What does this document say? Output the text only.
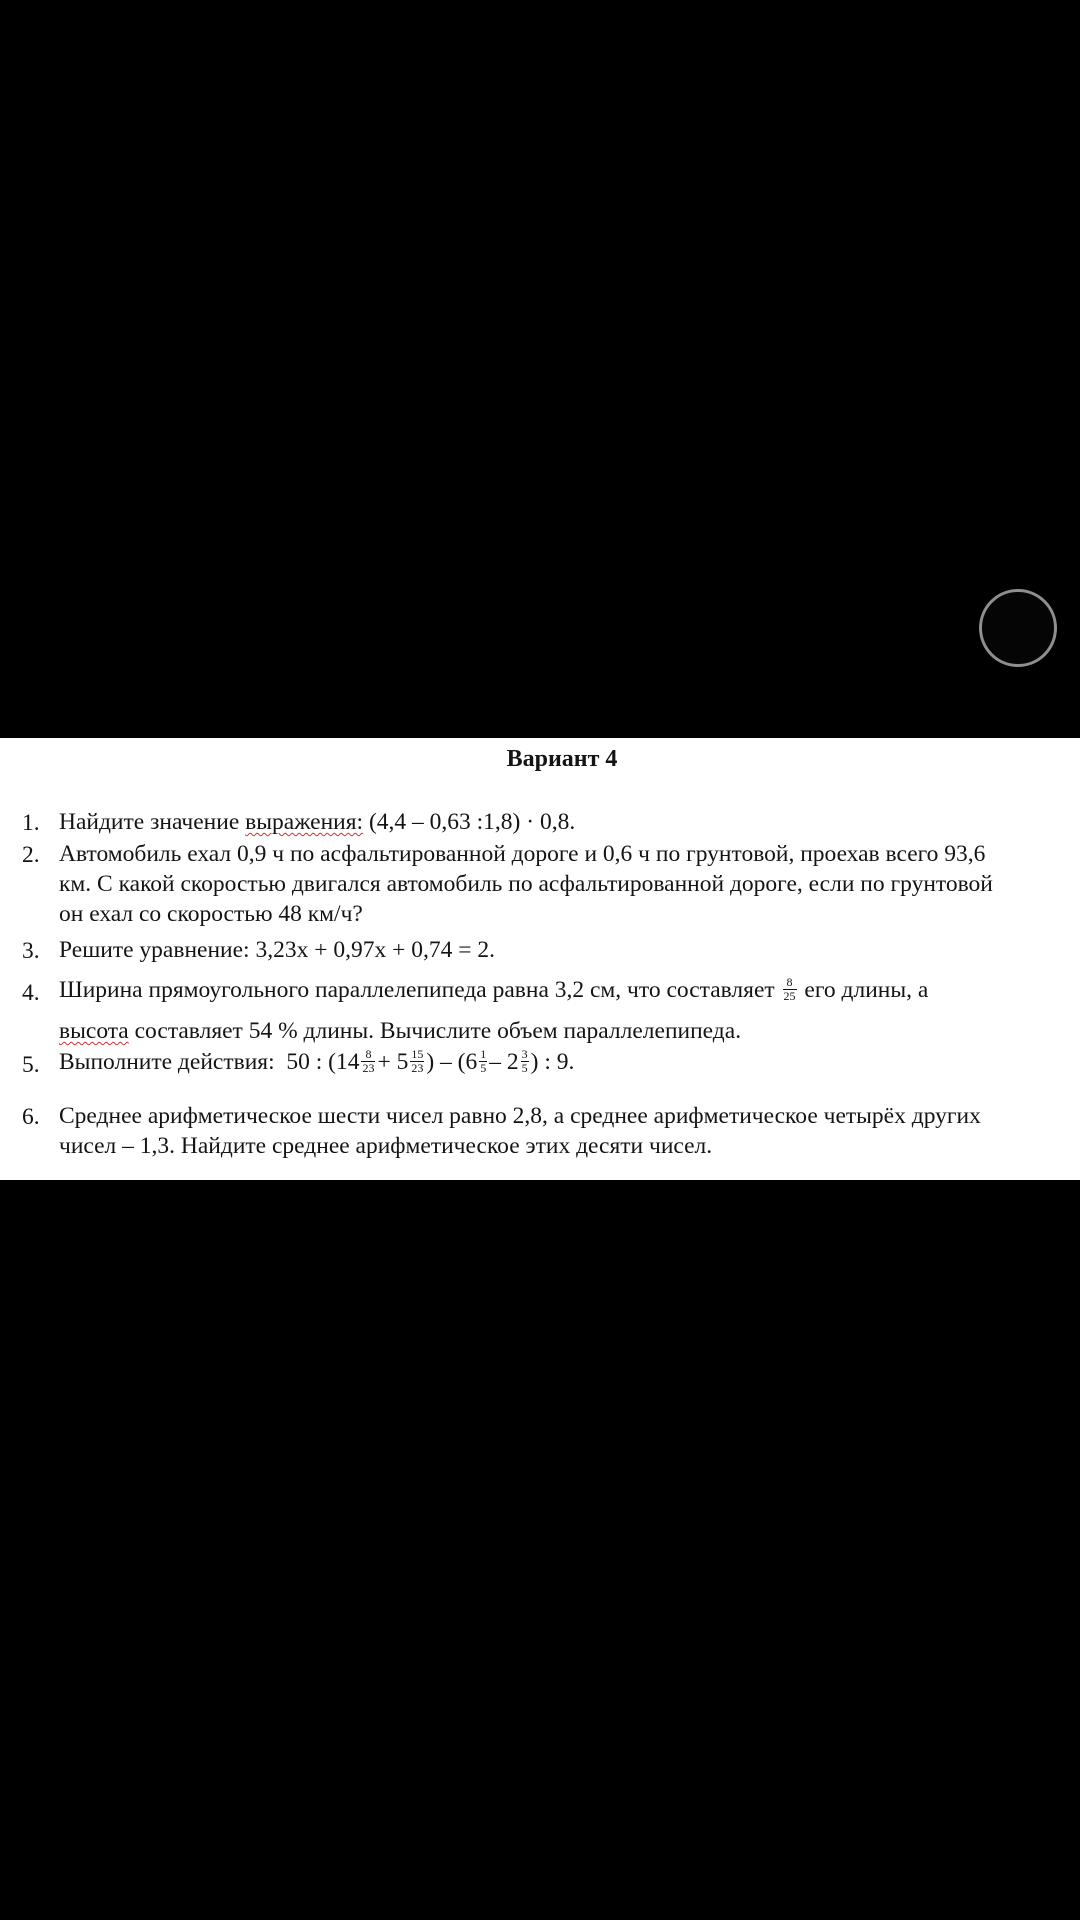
Вариант 4
1. Найдите значение выражения: (4,4 – 0,63 :1,8) · 0,8.
2. Автомобиль ехал 0,9 ч по асфальтированной дороге и 0,6 ч по грунтовой, проехав всего 93,6
км. С какой скоростью двигался автомобиль по асфальтированной дороге, если по грунтовой
он ехал со скоростью 48 км/ч?
3. Решите уравнение: 3,23x + 0,97x + 0,74 = 2.
4. Ширина прямоугольного параллелепипеда равна 3,2 см, что составляет $\frac{8}{25}$ его длины, а
высота составляет 54 % длины. Вычислите объем параллелепипеда.
5. Выполните действия: 50 : ($14 \frac{8}{23} + 5 \frac{15}{23}$ ) – ($6 \frac{1}{5} - 2 \frac{3}{5}$ ) : 9.
6. Среднее арифметическое шести чисел равно 2,8, а среднее арифметическое четырёх других
чисел – 1,3. Найдите среднее арифметическое этих десяти чисел.
